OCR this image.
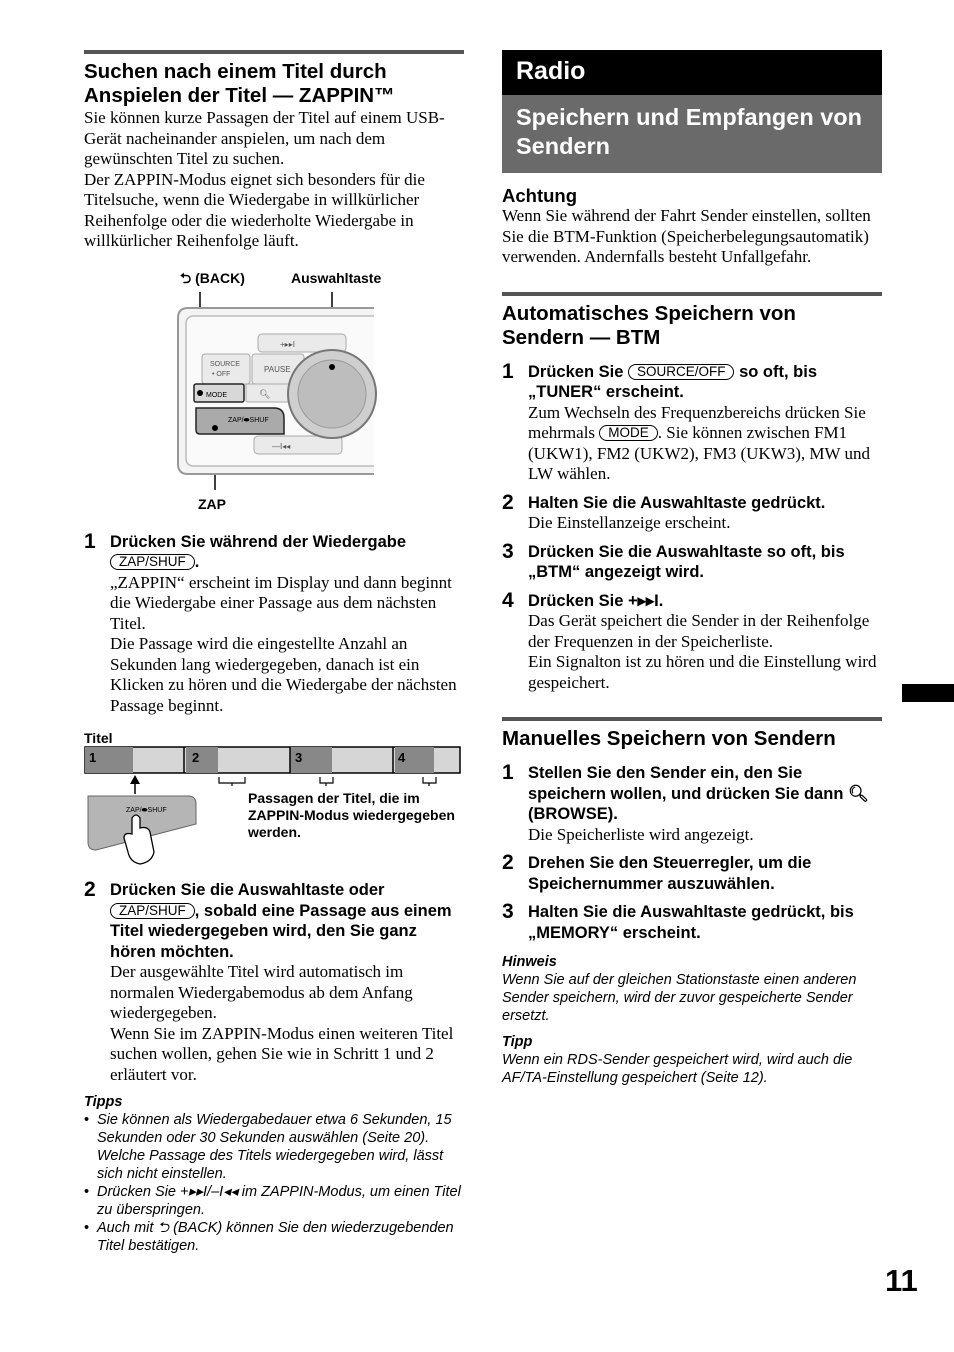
Suchen nach einem Titel durch Anspielen der Titel — ZAPPIN™

Sie können kurze Passagen der Titel auf einem USB-Gerät nacheinander anspielen, um nach dem gewünschten Titel zu suchen.

Der ZAPPIN-Modus eignet sich besonders für die Titelsuche, wenn die Wiedergabe in willkürlicher Reihenfolge oder die wiederholte Wiedergabe in willkürlicher Reihenfolge läuft.

⮌ (BACK)	Auswahltaste
ZAP
+▸▸I
SOURCE
• OFF
PAUSE
MODE	🔍︎
ZAP/⬬SHUF
—I◂◂
1 Drücken Sie während der Wiedergabe
ZAP/SHUF .

„ZAPPIN“ erscheint im Display und dann beginnt die Wiedergabe einer Passage aus dem nächsten Titel.

Die Passage wird die eingestellte Anzahl an Sekunden lang wiedergegeben, danach ist ein Klicken zu hören und die Wiedergabe der nächsten Passage beginnt.

Titel
1	2	3	4
ZAP/⬬SHUF
Passagen der Titel, die im ZAPPIN-Modus wiedergegeben werden.
2 Drücken Sie die Auswahltaste oder
ZAP/SHUF , sobald eine Passage aus einem Titel wiedergegeben wird, den Sie ganz hören möchten.

Der ausgewählte Titel wird automatisch im normalen Wiedergabemodus ab dem Anfang wiedergegeben.

Wenn Sie im ZAPPIN-Modus einen weiteren Titel suchen wollen, gehen Sie wie in Schritt 1 und 2 erläutert vor.

Tipps
• Sie können als Wiedergabedauer etwa 6 Sekunden, 15 Sekunden oder 30 Sekunden auswählen (Seite 20). Welche Passage des Titels wiedergegeben wird, lässt sich nicht einstellen.
• Drücken Sie +▸▸I/–I◂◂ im ZAPPIN-Modus, um einen Titel zu überspringen.
• Auch mit ⮌ (BACK) können Sie den wiederzugebenden Titel bestätigen.
Radio
Speichern und Empfangen von Sendern
Achtung

Wenn Sie während der Fahrt Sender einstellen, sollten Sie die BTM-Funktion (Speicherbelegungsautomatik) verwenden. Andernfalls besteht Unfallgefahr.

Automatisches Speichern von Sendern — BTM
1 Drücken Sie SOURCE/OFF so oft, bis „TUNER“ erscheint.

Zum Wechseln des Frequenzbereichs drücken Sie mehrmals MODE . Sie können zwischen FM1 (UKW1), FM2 (UKW2), FM3 (UKW3), MW und LW wählen.

2 Halten Sie die Auswahltaste gedrückt.

Die Einstellanzeige erscheint.

3 Drücken Sie die Auswahltaste so oft, bis „BTM“ angezeigt wird.
4 Drücken Sie +▸▸I.

Das Gerät speichert die Sender in der Reihenfolge der Frequenzen in der Speicherliste.

Ein Signalton ist zu hören und die Einstellung wird gespeichert.

Manuelles Speichern von Sendern
1 Stellen Sie den Sender ein, den Sie speichern wollen, und drücken Sie dann 🔍︎(BROWSE).

Die Speicherliste wird angezeigt.

2 Drehen Sie den Steuerregler, um die Speichernummer auszuwählen.
3 Halten Sie die Auswahltaste gedrückt, bis „MEMORY“ erscheint.
Hinweis

Wenn Sie auf der gleichen Stationstaste einen anderen Sender speichern, wird der zuvor gespeicherte Sender ersetzt.

Tipp

Wenn ein RDS-Sender gespeichert wird, wird auch die AF/TA-Einstellung gespeichert (Seite 12).

11
